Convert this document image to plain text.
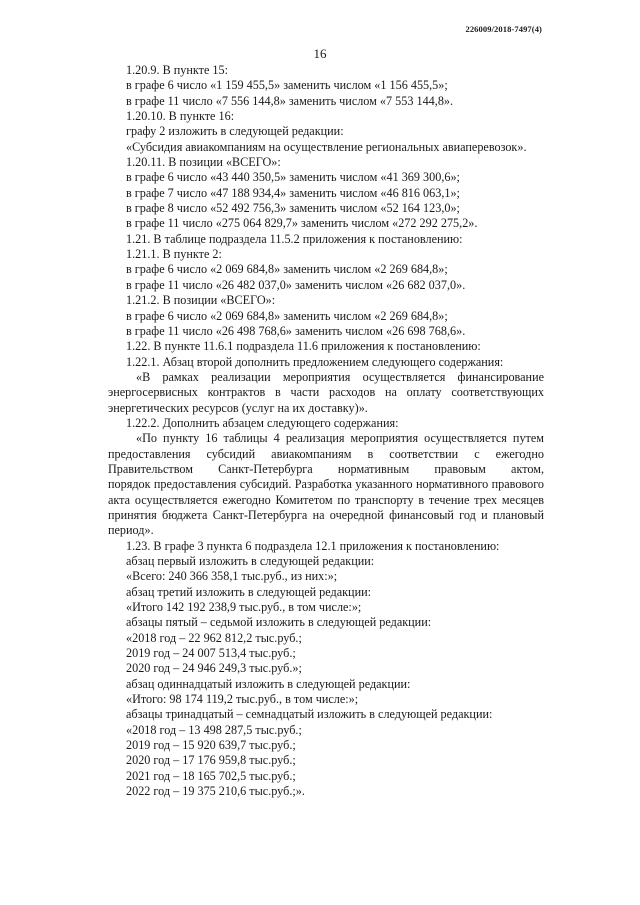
226009/2018-7497(4)
16
1.20.9. В пункте 15:
в графе 6 число «1 159 455,5» заменить числом «1 156 455,5»;
в графе 11 число «7 556 144,8» заменить числом «7 553 144,8».
1.20.10. В пункте 16:
графу 2 изложить в следующей редакции:
«Субсидия авиакомпаниям на осуществление региональных авиаперевозок».
1.20.11. В позиции «ВСЕГО»:
в графе 6 число «43 440 350,5» заменить числом «41 369 300,6»;
в графе 7 число «47 188 934,4» заменить числом «46 816 063,1»;
в графе 8 число «52 492 756,3» заменить числом «52 164 123,0»;
в графе 11 число «275 064 829,7» заменить числом «272 292 275,2».
1.21. В таблице подраздела 11.5.2 приложения к постановлению:
1.21.1. В пункте 2:
в графе 6 число «2 069 684,8» заменить числом «2 269 684,8»;
в графе 11 число «26 482 037,0» заменить числом «26 682 037,0».
1.21.2. В позиции «ВСЕГО»:
в графе 6 число «2 069 684,8» заменить числом «2 269 684,8»;
в графе 11 число «26 498 768,6» заменить числом «26 698 768,6».
1.22. В пункте 11.6.1 подраздела 11.6 приложения к постановлению:
1.22.1. Абзац второй дополнить предложением следующего содержания:
«В рамках реализации мероприятия осуществляется финансирование
энергосервисных контрактов в части расходов на оплату соответствующих
энергетических ресурсов (услуг на их доставку)».
1.22.2. Дополнить абзацем следующего содержания:
«По пункту 16 таблицы 4 реализация мероприятия осуществляется путем
предоставления субсидий авиакомпаниям в соответствии с ежегодно
Правительством Санкт-Петербурга нормативным правовым актом,
порядок предоставления субсидий. Разработка указанного нормативного правового
акта осуществляется ежегодно Комитетом по транспорту в течение трех месяцев
принятия бюджета Санкт-Петербурга на очередной финансовый год и плановый
период».
1.23. В графе 3 пункта 6 подраздела 12.1 приложения к постановлению:
абзац первый изложить в следующей редакции:
«Всего: 240 366 358,1 тыс.руб., из них:»;
абзац третий изложить в следующей редакции:
«Итого 142 192 238,9 тыс.руб., в том числе:»;
абзацы пятый – седьмой изложить в следующей редакции:
«2018 год – 22 962 812,2 тыс.руб.;
2019 год – 24 007 513,4 тыс.руб.;
2020 год – 24 946 249,3 тыс.руб.»;
абзац одиннадцатый изложить в следующей редакции:
«Итого: 98 174 119,2 тыс.руб., в том числе:»;
абзацы тринадцатый – семнадцатый изложить в следующей редакции:
«2018 год – 13 498 287,5 тыс.руб.;
2019 год – 15 920 639,7 тыс.руб.;
2020 год – 17 176 959,8 тыс.руб.;
2021 год – 18 165 702,5 тыс.руб.;
2022 год – 19 375 210,6 тыс.руб.;».
